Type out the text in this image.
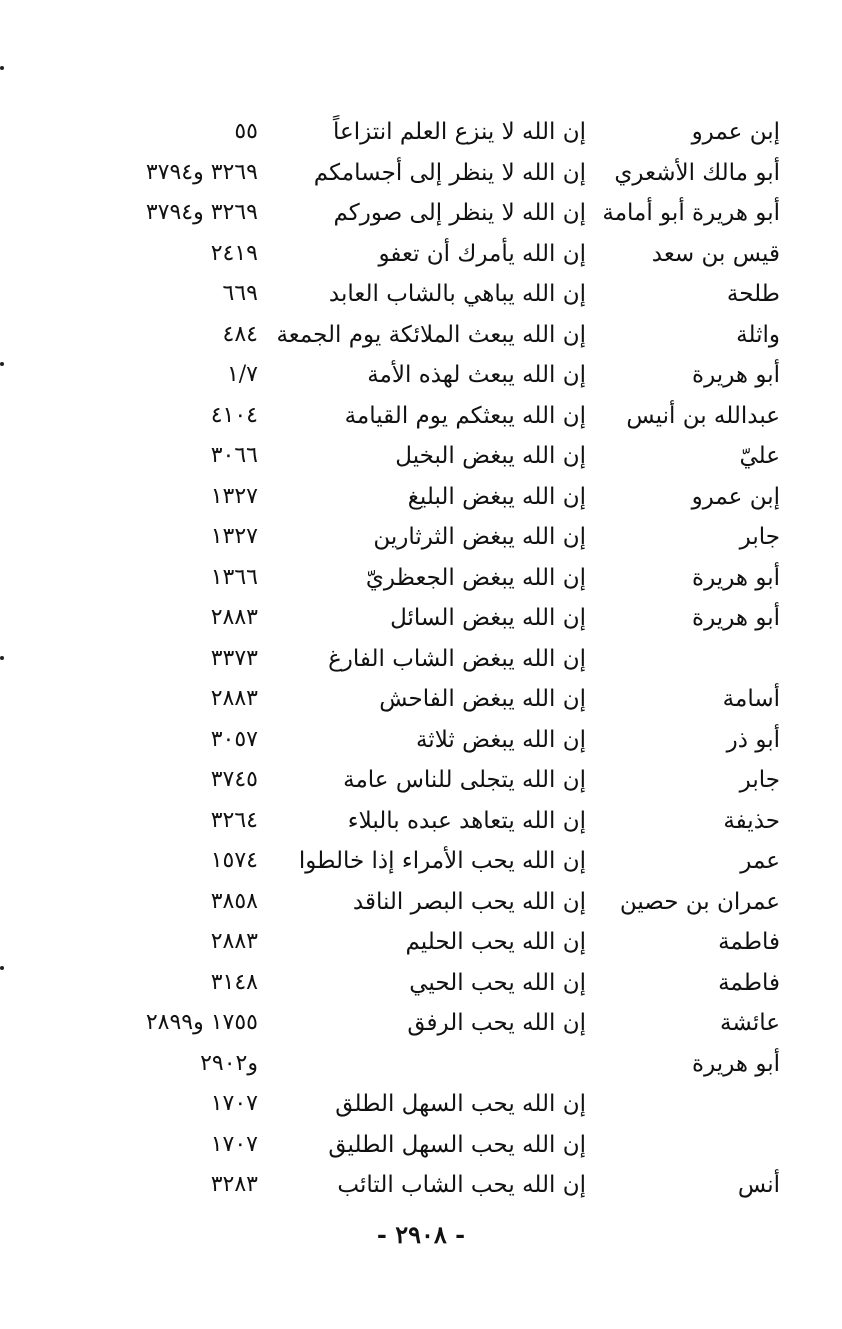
إبن عمرو
إن الله لا ينزع العلم انتزاعاً
٥٥
أبو مالك الأشعري
إن الله لا ينظر إلى أجسامكم
٣٢٦٩ و٣٧٩٤
أبو هريرة أبو أمامة
إن الله لا ينظر إلى صوركم
٣٢٦٩ و٣٧٩٤
قيس بن سعد
إن الله يأمرك أن تعفو
٢٤١٩
طلحة
إن الله يباهي بالشاب العابد
٦٦٩
واثلة
إن الله يبعث الملائكة يوم الجمعة
٤٨٤
أبو هريرة
إن الله يبعث لهذه الأمة
١/٧
عبدالله بن أنيس
إن الله يبعثكم يوم القيامة
٤١٠٤
عليّ
إن الله يبغض البخيل
٣٠٦٦
إبن عمرو
إن الله يبغض البليغ
١٣٢٧
جابر
إن الله يبغض الثرثارين
١٣٢٧
أبو هريرة
إن الله يبغض الجعظريّ
١٣٦٦
أبو هريرة
إن الله يبغض السائل
٢٨٨٣
إن الله يبغض الشاب الفارغ
٣٣٧٣
أسامة
إن الله يبغض الفاحش
٢٨٨٣
أبو ذر
إن الله يبغض ثلاثة
٣٠٥٧
جابر
إن الله يتجلى للناس عامة
٣٧٤٥
حذيفة
إن الله يتعاهد عبده بالبلاء
٣٢٦٤
عمر
إن الله يحب الأمراء إذا خالطوا
١٥٧٤
عمران بن حصين
إن الله يحب البصر الناقد
٣٨٥٨
فاطمة
إن الله يحب الحليم
٢٨٨٣
فاطمة
إن الله يحب الحيي
٣١٤٨
عائشة
إن الله يحب الرفق
١٧٥٥ و٢٨٩٩
أبو هريرة
و٢٩٠٢
إن الله يحب السهل الطلق
١٧٠٧
إن الله يحب السهل الطليق
١٧٠٧
أنس
إن الله يحب الشاب التائب
٣٢٨٣
- ٢٩٠٨ -
